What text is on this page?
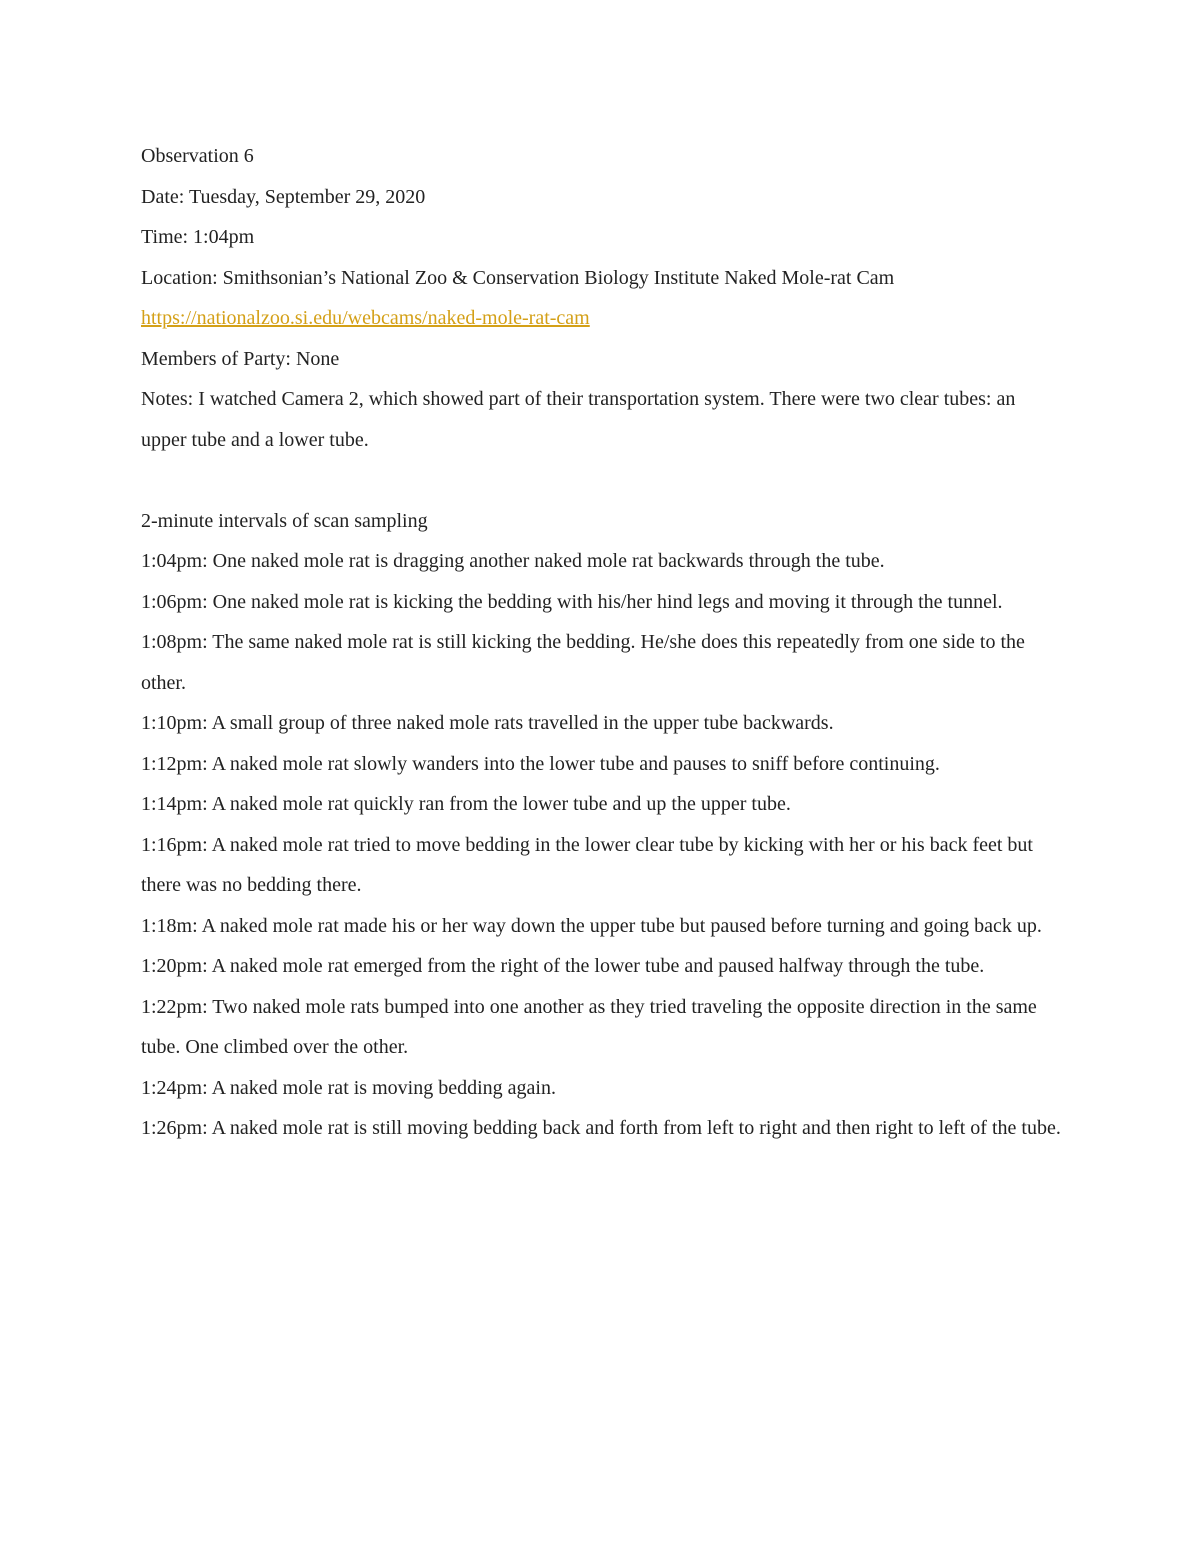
Observation 6
Date: Tuesday, September 29, 2020
Time: 1:04pm
Location: Smithsonian’s National Zoo & Conservation Biology Institute Naked Mole-rat Cam
https://nationalzoo.si.edu/webcams/naked-mole-rat-cam
Members of Party: None
Notes: I watched Camera 2, which showed part of their transportation system. There were two clear tubes: an upper tube and a lower tube.
2-minute intervals of scan sampling
1:04pm: One naked mole rat is dragging another naked mole rat backwards through the tube.
1:06pm: One naked mole rat is kicking the bedding with his/her hind legs and moving it through the tunnel.
1:08pm: The same naked mole rat is still kicking the bedding. He/she does this repeatedly from one side to the other.
1:10pm: A small group of three naked mole rats travelled in the upper tube backwards.
1:12pm: A naked mole rat slowly wanders into the lower tube and pauses to sniff before continuing.
1:14pm: A naked mole rat quickly ran from the lower tube and up the upper tube.
1:16pm: A naked mole rat tried to move bedding in the lower clear tube by kicking with her or his back feet but there was no bedding there.
1:18m: A naked mole rat made his or her way down the upper tube but paused before turning and going back up.
1:20pm: A naked mole rat emerged from the right of the lower tube and paused halfway through the tube.
1:22pm: Two naked mole rats bumped into one another as they tried traveling the opposite direction in the same tube. One climbed over the other.
1:24pm: A naked mole rat is moving bedding again.
1:26pm: A naked mole rat is still moving bedding back and forth from left to right and then right to left of the tube.
